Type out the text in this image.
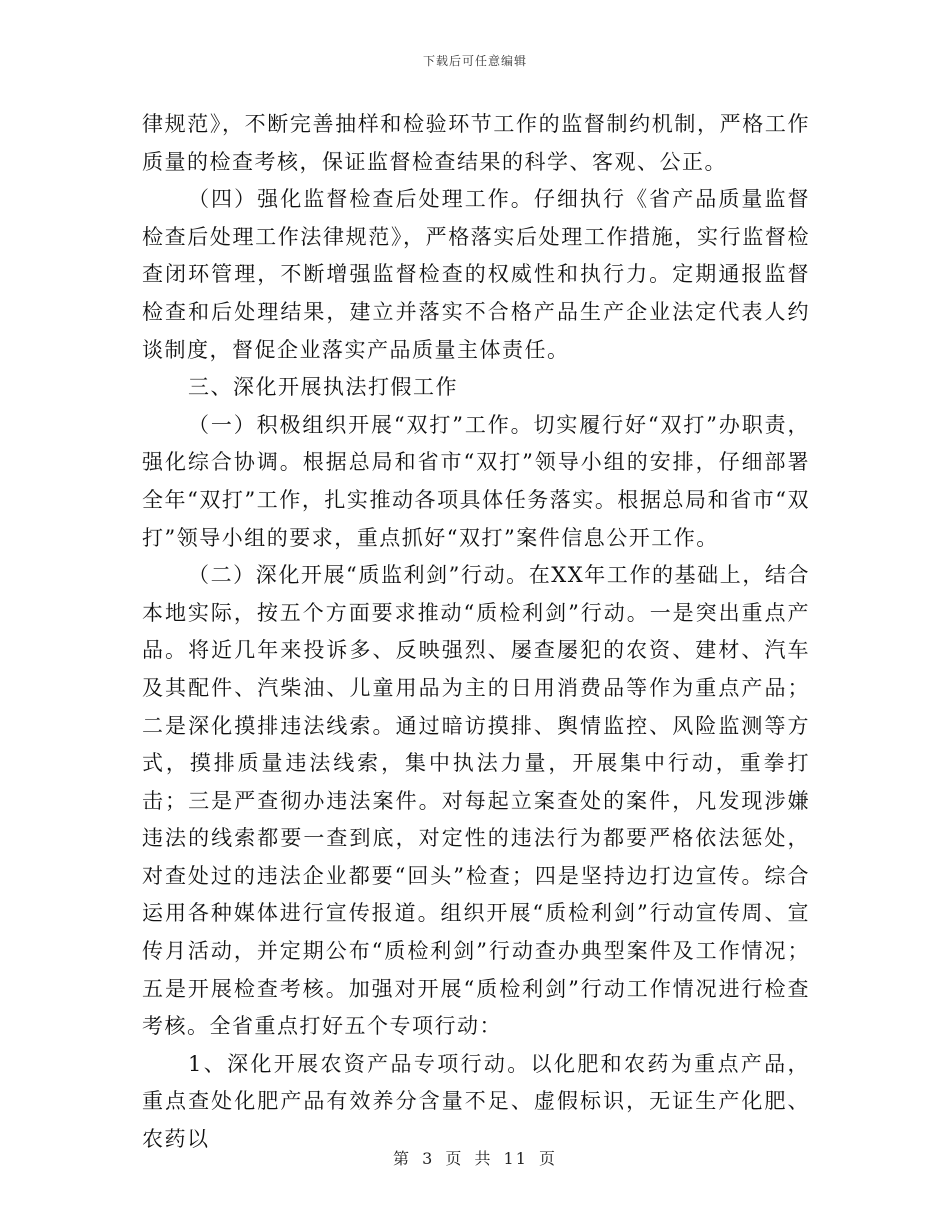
下载后可任意编辑

律规范》，不断完善抽样和检验环节工作的监督制约机制，严格工作质量的检查考核，保证监督检查结果的科学、客观、公正。

（四）强化监督检查后处理工作。仔细执行《省产品质量监督检查后处理工作法律规范》，严格落实后处理工作措施，实行监督检查闭环管理，不断增强监督检查的权威性和执行力。定期通报监督检查和后处理结果，建立并落实不合格产品生产企业法定代表人约谈制度，督促企业落实产品质量主体责任。

三、深化开展执法打假工作

（一）积极组织开展“双打”工作。切实履行好“双打”办职责，强化综合协调。根据总局和省市“双打”领导小组的安排，仔细部署全年“双打”工作，扎实推动各项具体任务落实。根据总局和省市“双打”领导小组的要求，重点抓好“双打”案件信息公开工作。

（二）深化开展“质监利剑”行动。在XX年工作的基础上，结合本地实际，按五个方面要求推动“质检利剑”行动。一是突出重点产品。将近几年来投诉多、反映强烈、屡查屡犯的农资、建材、汽车及其配件、汽柴油、儿童用品为主的日用消费品等作为重点产品；二是深化摸排违法线索。通过暗访摸排、舆情监控、风险监测等方式，摸排质量违法线索，集中执法力量，开展集中行动，重拳打击；三是严查彻办违法案件。对每起立案查处的案件，凡发现涉嫌违法的线索都要一查到底，对定性的违法行为都要严格依法惩处，对查处过的违法企业都要“回头”检查；四是坚持边打边宣传。综合运用各种媒体进行宣传报道。组织开展“质检利剑”行动宣传周、宣传月活动，并定期公布“质检利剑”行动查办典型案件及工作情况；五是开展检查考核。加强对开展“质检利剑”行动工作情况进行检查考核。全省重点打好五个专项行动：

1、深化开展农资产品专项行动。以化肥和农药为重点产品，重点查处化肥产品有效养分含量不足、虚假标识，无证生产化肥、农药以

第 3 页 共 11 页
